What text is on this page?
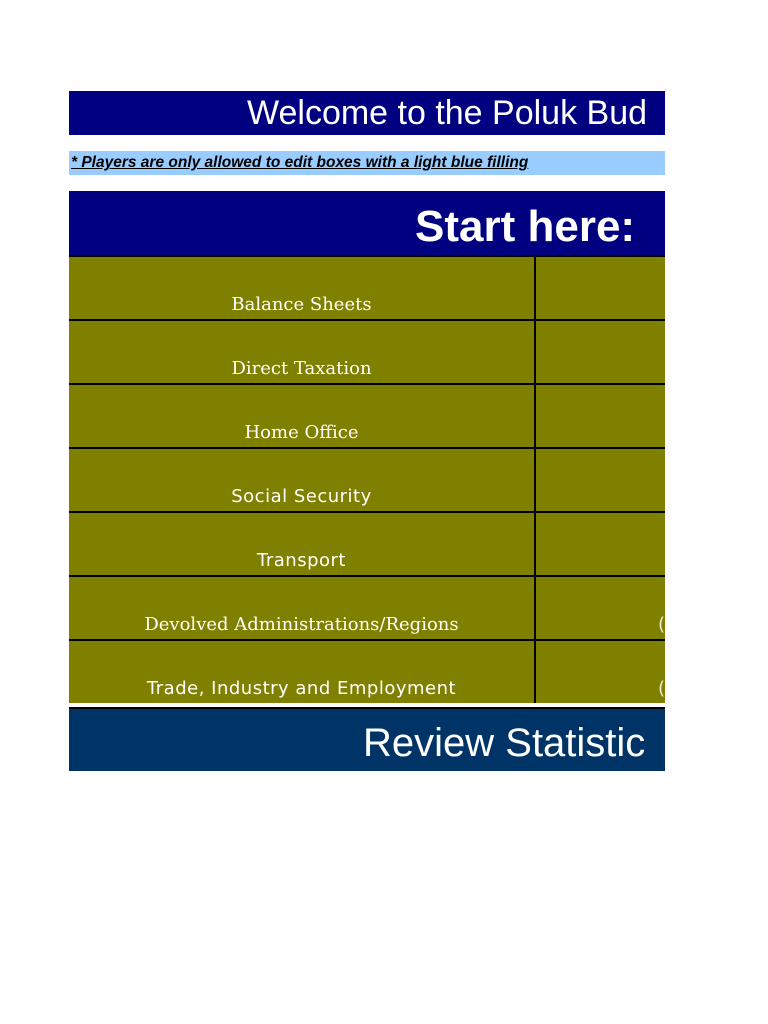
Welcome to the Poluk Bud
* Players are only allowed to edit boxes with a light blue filling
Start here:
Balance Sheets
Direct Taxation
Home Office
Social Security
Transport
Devolved Administrations/Regions	(
Trade, Industry and Employment	(
Review Statistic
